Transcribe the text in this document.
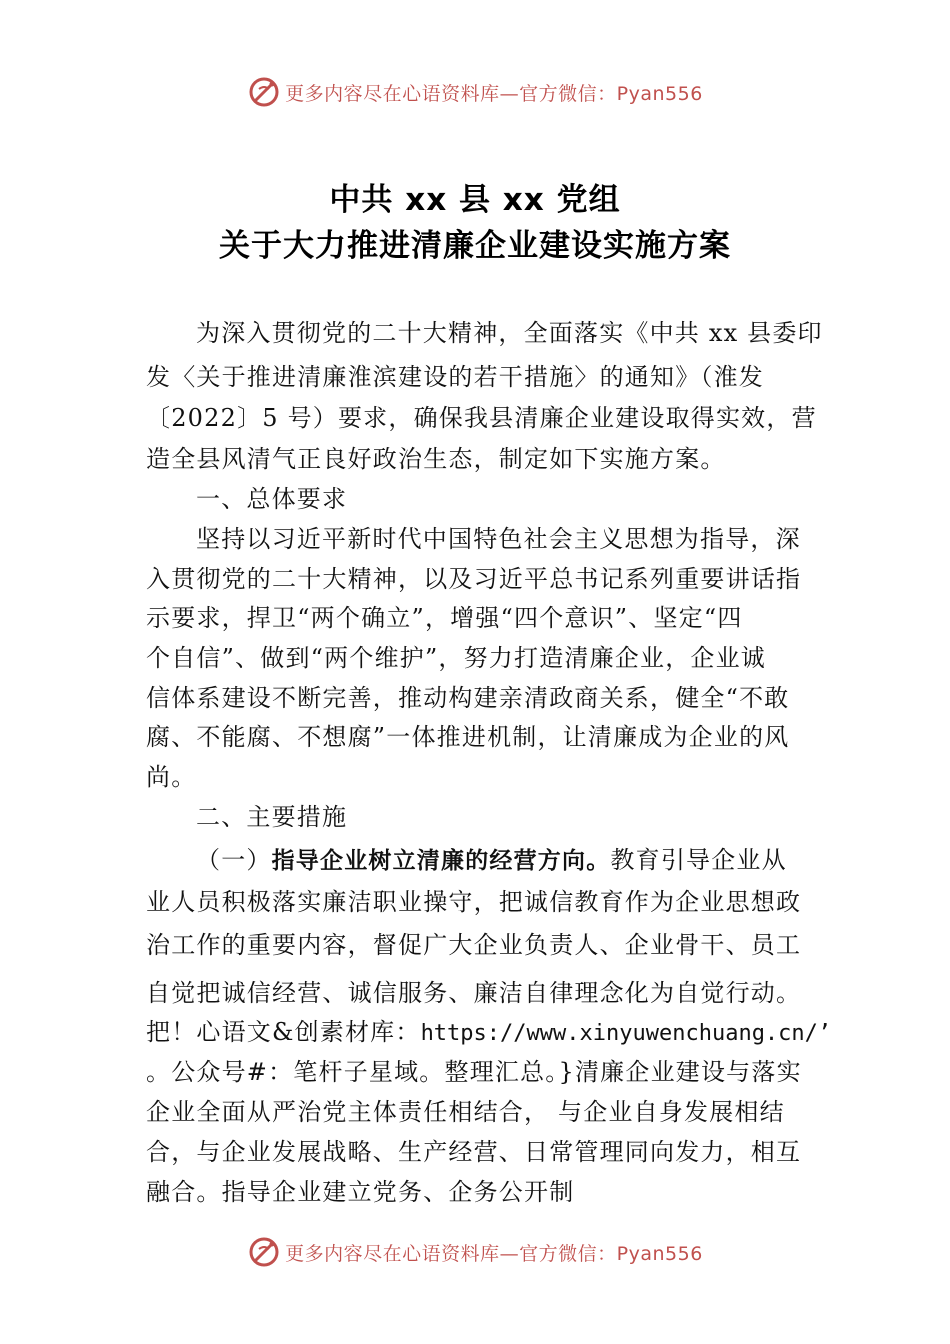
更多内容尽在心语资料库—官方微信：Pyan556
中共 xx 县 xx 党组
关于大力推进清廉企业建设实施方案
为深入贯彻党的二十大精神，全面落实《中共 xx 县委印
发〈关于推进清廉淮滨建设的若干措施〉的通知》（淮发
〔2022〕5 号）要求，确保我县清廉企业建设取得实效，营
造全县风清气正良好政治生态，制定如下实施方案。
一、总体要求
坚持以习近平新时代中国特色社会主义思想为指导，深
入贯彻党的二十大精神，以及习近平总书记系列重要讲话指
示要求，捍卫“两个确立”，增强“四个意识”、坚定“四
个自信”、做到“两个维护”，努力打造清廉企业，企业诚
信体系建设不断完善，推动构建亲清政商关系，健全“不敢
腐、不能腐、不想腐”一体推进机制，让清廉成为企业的风
尚。
二、主要措施
（一）指导企业树立清廉的经营方向。教育引导企业从
业人员积极落实廉洁职业操守，把诚信教育作为企业思想政
治工作的重要内容，督促广大企业负责人、企业骨干、员工
自觉把诚信经营、诚信服务、廉洁自律理念化为自觉行动。
把！心语文&创素材库：https://www.xinyuwenchuang.cn/’
。公众号#：笔杆子星域。整理汇总。}清廉企业建设与落实
企业全面从严治党主体责任相结合， 与企业自身发展相结
合，与企业发展战略、生产经营、日常管理同向发力，相互
融合。指导企业建立党务、企务公开制
更多内容尽在心语资料库—官方微信：Pyan556
